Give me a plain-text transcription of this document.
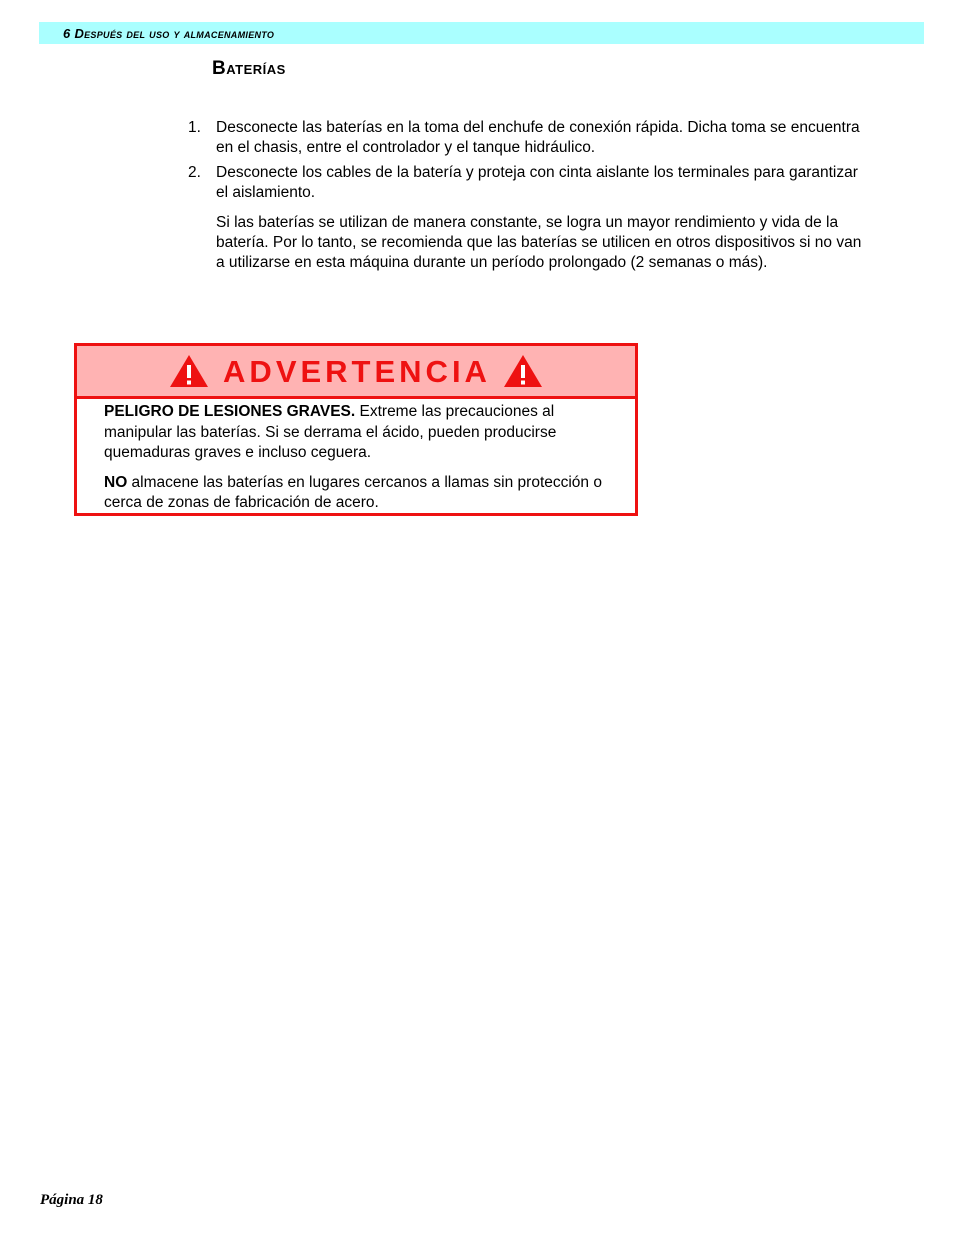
6 Después del uso y almacenamiento
Baterías
1. Desconecte las baterías en la toma del enchufe de conexión rápida. Dicha toma se encuentra en el chasis, entre el controlador y el tanque hidráulico.
2. Desconecte los cables de la batería y proteja con cinta aislante los terminales para garantizar el aislamiento.
Si las baterías se utilizan de manera constante, se logra un mayor rendimiento y vida de la batería. Por lo tanto, se recomienda que las baterías se utilicen en otros dispositivos si no van a utilizarse en esta máquina durante un período prolongado (2 semanas o más).
ADVERTENCIA

PELIGRO DE LESIONES GRAVES. Extreme las precauciones al manipular las baterías. Si se derrama el ácido, pueden producirse quemaduras graves e incluso ceguera.

NO almacene las baterías en lugares cercanos a llamas sin protección o cerca de zonas de fabricación de acero.

Página 18
